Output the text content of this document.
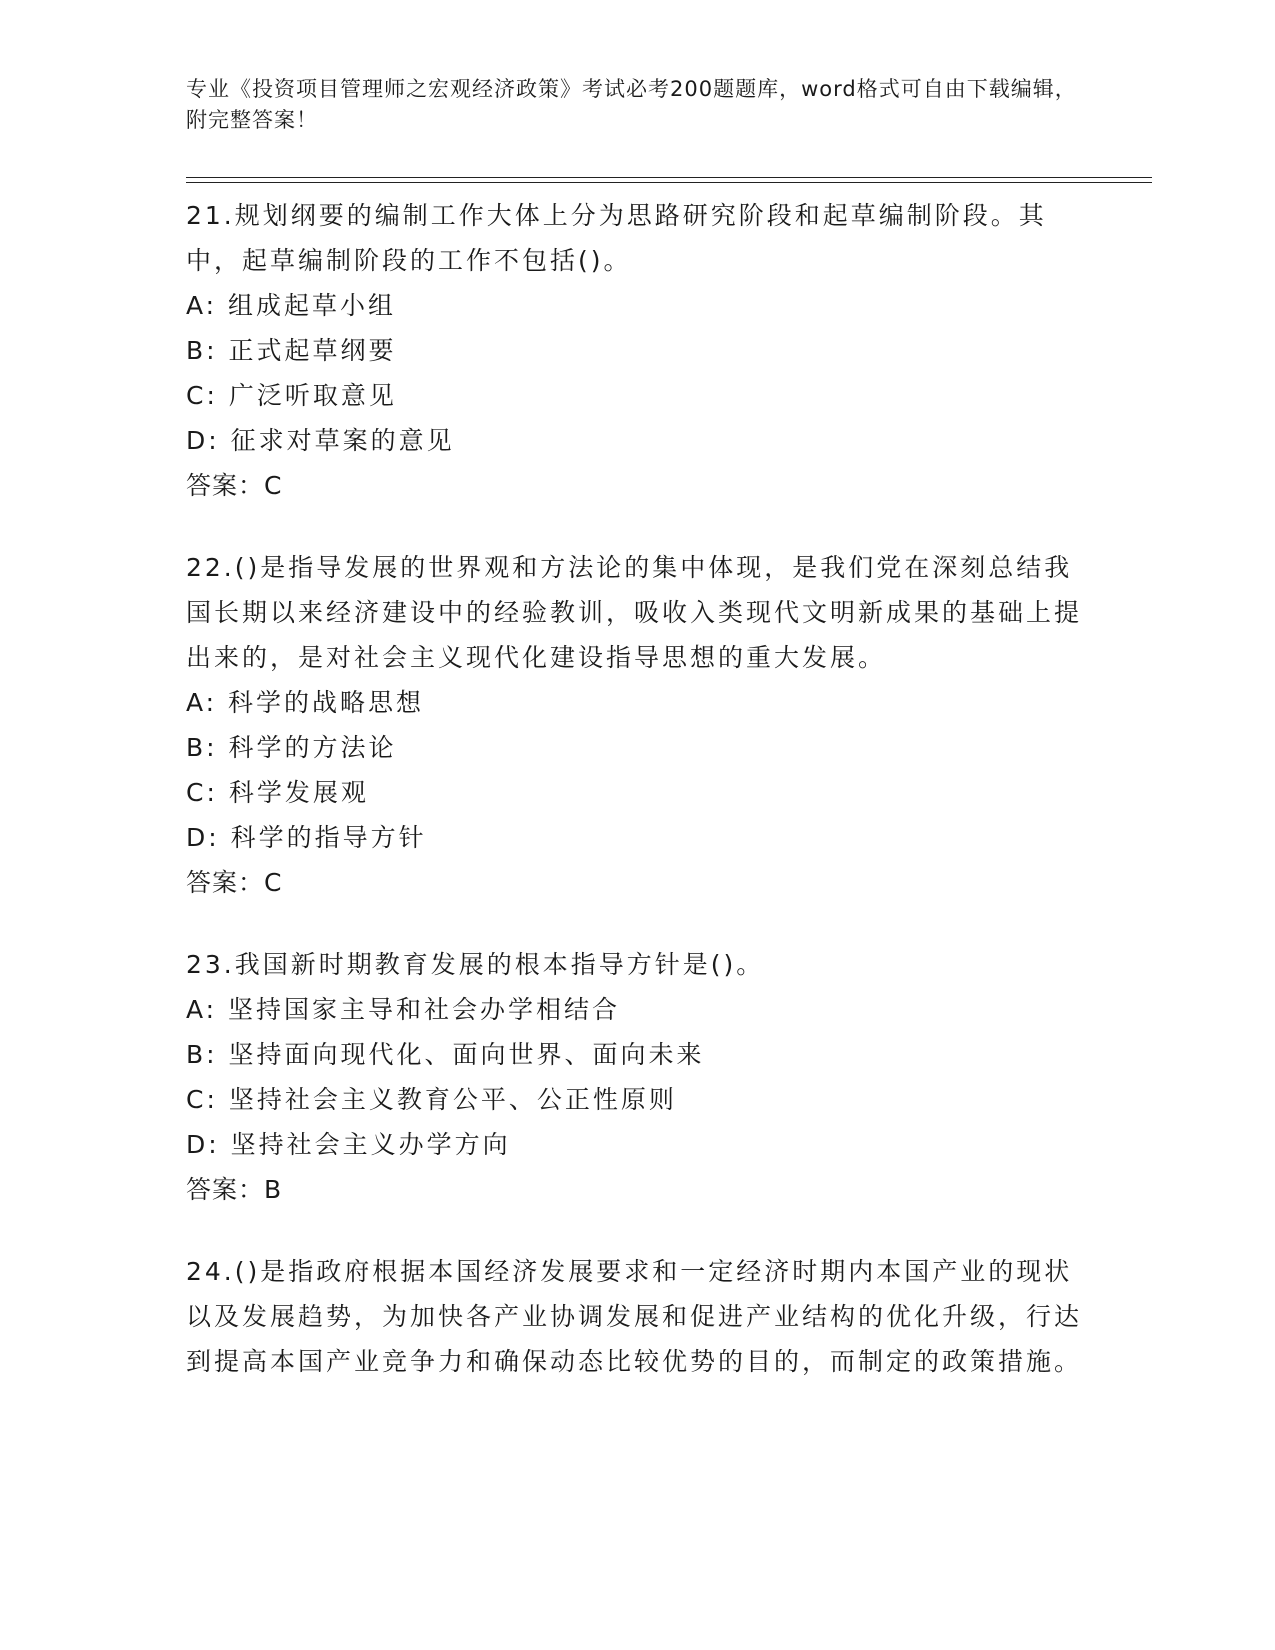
专业《投资项目管理师之宏观经济政策》考试必考200题题库，word格式可自由下载编辑，附完整答案！
21.规划纲要的编制工作大体上分为思路研究阶段和起草编制阶段。其中，起草编制阶段的工作不包括()。
A: 组成起草小组
B: 正式起草纲要
C: 广泛听取意见
D: 征求对草案的意见
答案：C
22.()是指导发展的世界观和方法论的集中体现，是我们党在深刻总结我国长期以来经济建设中的经验教训，吸收入类现代文明新成果的基础上提出来的，是对社会主义现代化建设指导思想的重大发展。
A: 科学的战略思想
B: 科学的方法论
C: 科学发展观
D: 科学的指导方针
答案：C
23.我国新时期教育发展的根本指导方针是()。
A: 坚持国家主导和社会办学相结合
B: 坚持面向现代化、面向世界、面向未来
C: 坚持社会主义教育公平、公正性原则
D: 坚持社会主义办学方向
答案：B
24.()是指政府根据本国经济发展要求和一定经济时期内本国产业的现状以及发展趋势，为加快各产业协调发展和促进产业结构的优化升级，行达到提高本国产业竞争力和确保动态比较优势的目的，而制定的政策措施。
